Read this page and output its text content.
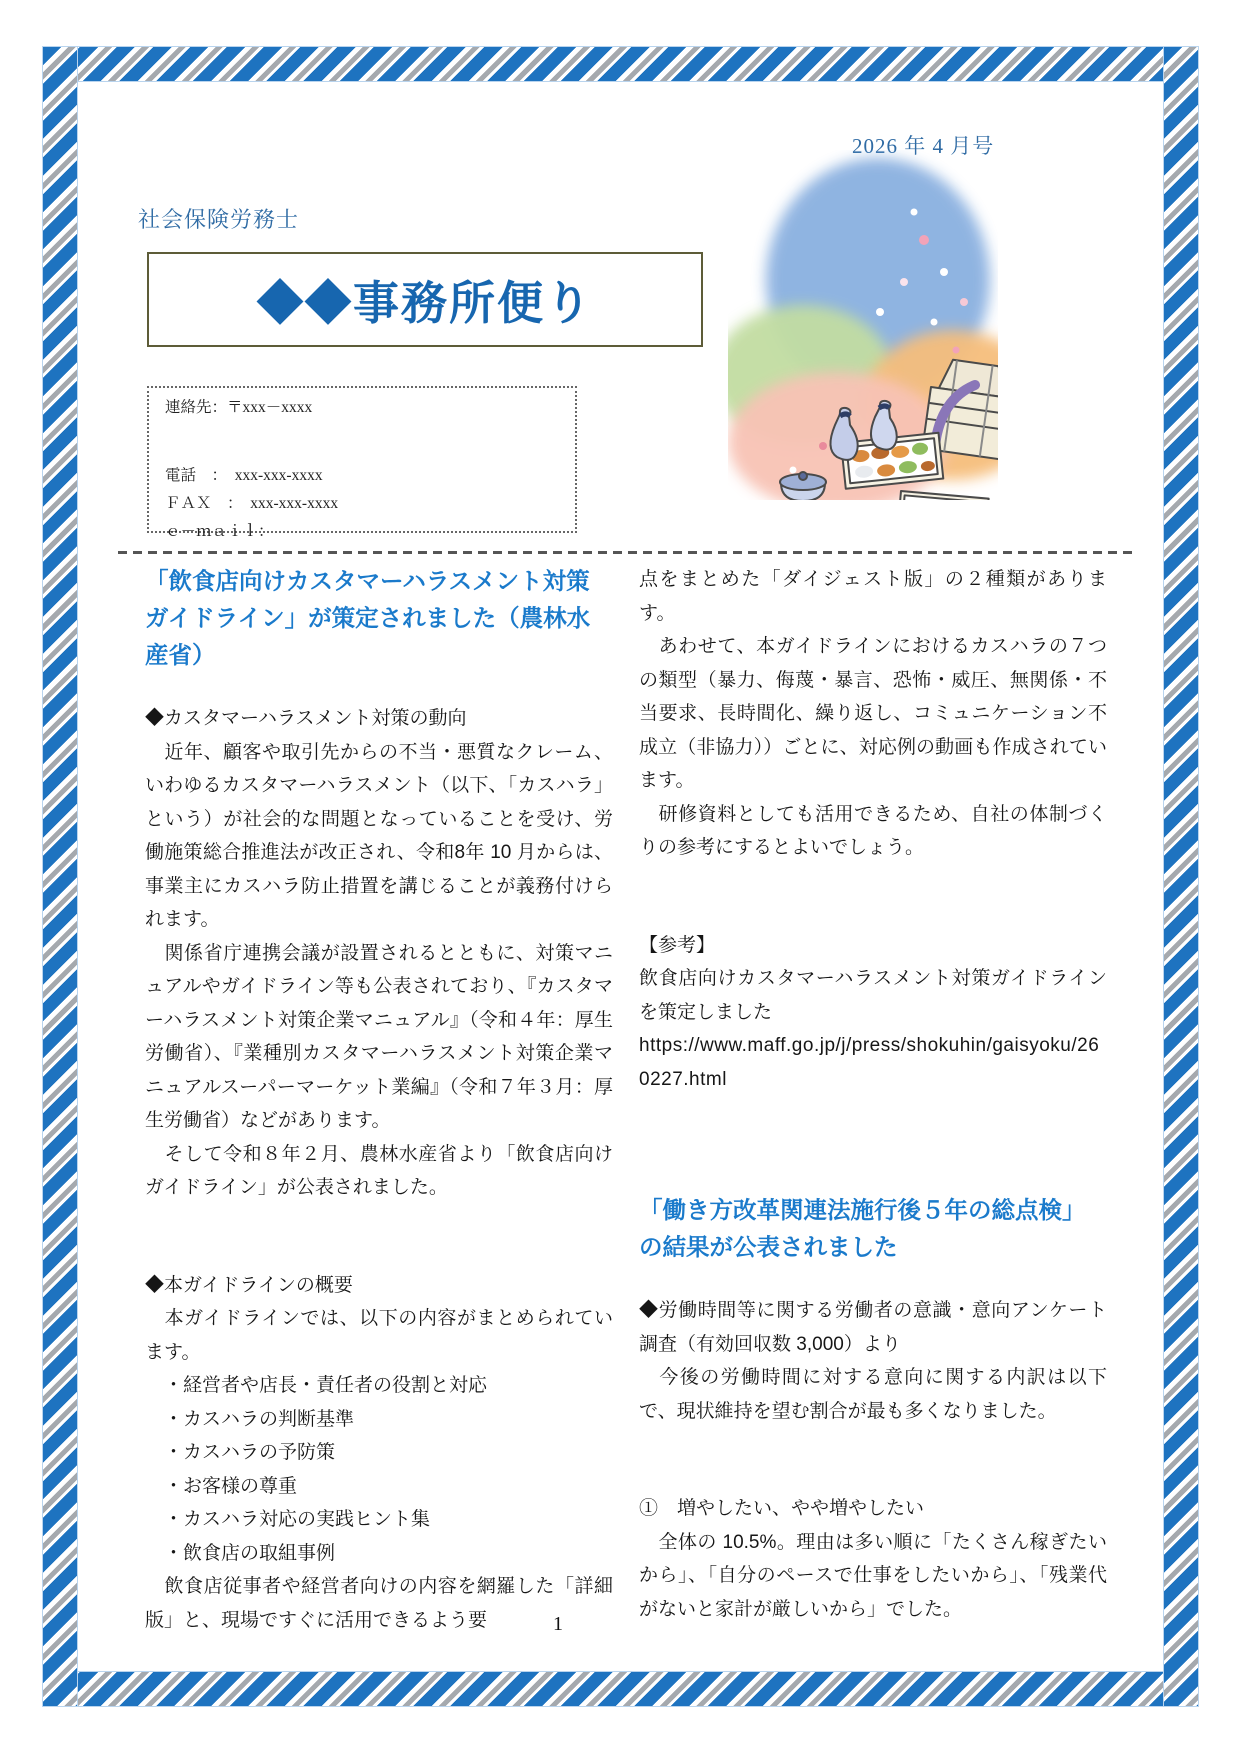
2026 年 4 月号
社会保険労務士
◆◆事務所便り

連絡先：〒xxx－xxxx

電話　：　xxx-xxx-xxxx

ＦＡＸ　：　xxx-xxx-xxxx

ｅ－ｍａｉｌ：

「飲食店向けカスタマーハラスメント対策ガイドライン」が策定されました（農林水産省）

◆カスタマーハラスメント対策の動向

　近年、顧客や取引先からの不当・悪質なクレーム、いわゆるカスタマーハラスメント（以下、「カスハラ」という）が社会的な問題となっていることを受け、労働施策総合推進法が改正され、令和8年 10 月からは、事業主にカスハラ防止措置を講じることが義務付けられます。

　関係省庁連携会議が設置されるとともに、対策マニュアルやガイドライン等も公表されており、『カスタマーハラスメント対策企業マニュアル』（令和４年：厚生労働省）、『業種別カスタマーハラスメント対策企業マニュアルスーパーマーケット業編』（令和７年３月：厚生労働省）などがあります。

　そして令和８年２月、農林水産省より「飲食店向けガイドライン」が公表されました。

◆本ガイドラインの概要

　本ガイドラインでは、以下の内容がまとめられています。

　・経営者や店長・責任者の役割と対応

　・カスハラの判断基準

　・カスハラの予防策

　・お客様の尊重

　・カスハラ対応の実践ヒント集

　・飲食店の取組事例

　飲食店従事者や経営者向けの内容を網羅した「詳細版」と、現場ですぐに活用できるよう要

点をまとめた「ダイジェスト版」の２種類があります。

　あわせて、本ガイドラインにおけるカスハラの７つの類型（暴力、侮蔑・暴言、恐怖・威圧、無関係・不当要求、長時間化、繰り返し、コミュニケーション不成立（非協力））ごとに、対応例の動画も作成されています。

　研修資料としても活用できるため、自社の体制づくりの参考にするとよいでしょう。

【参考】

飲食店向けカスタマーハラスメント対策ガイドラインを策定しました

https://www.maff.go.jp/j/press/shokuhin/gaisyoku/260227.html

「働き方改革関連法施行後５年の総点検」の結果が公表されました

◆労働時間等に関する労働者の意識・意向アンケート調査（有効回収数 3,000）より

　今後の労働時間に対する意向に関する内訳は以下で、現状維持を望む割合が最も多くなりました。

①　増やしたい、やや増やしたい

　全体の 10.5%。理由は多い順に「たくさん稼ぎたいから」、「自分のペースで仕事をしたいから」、「残業代がないと家計が厳しいから」でした。

1
